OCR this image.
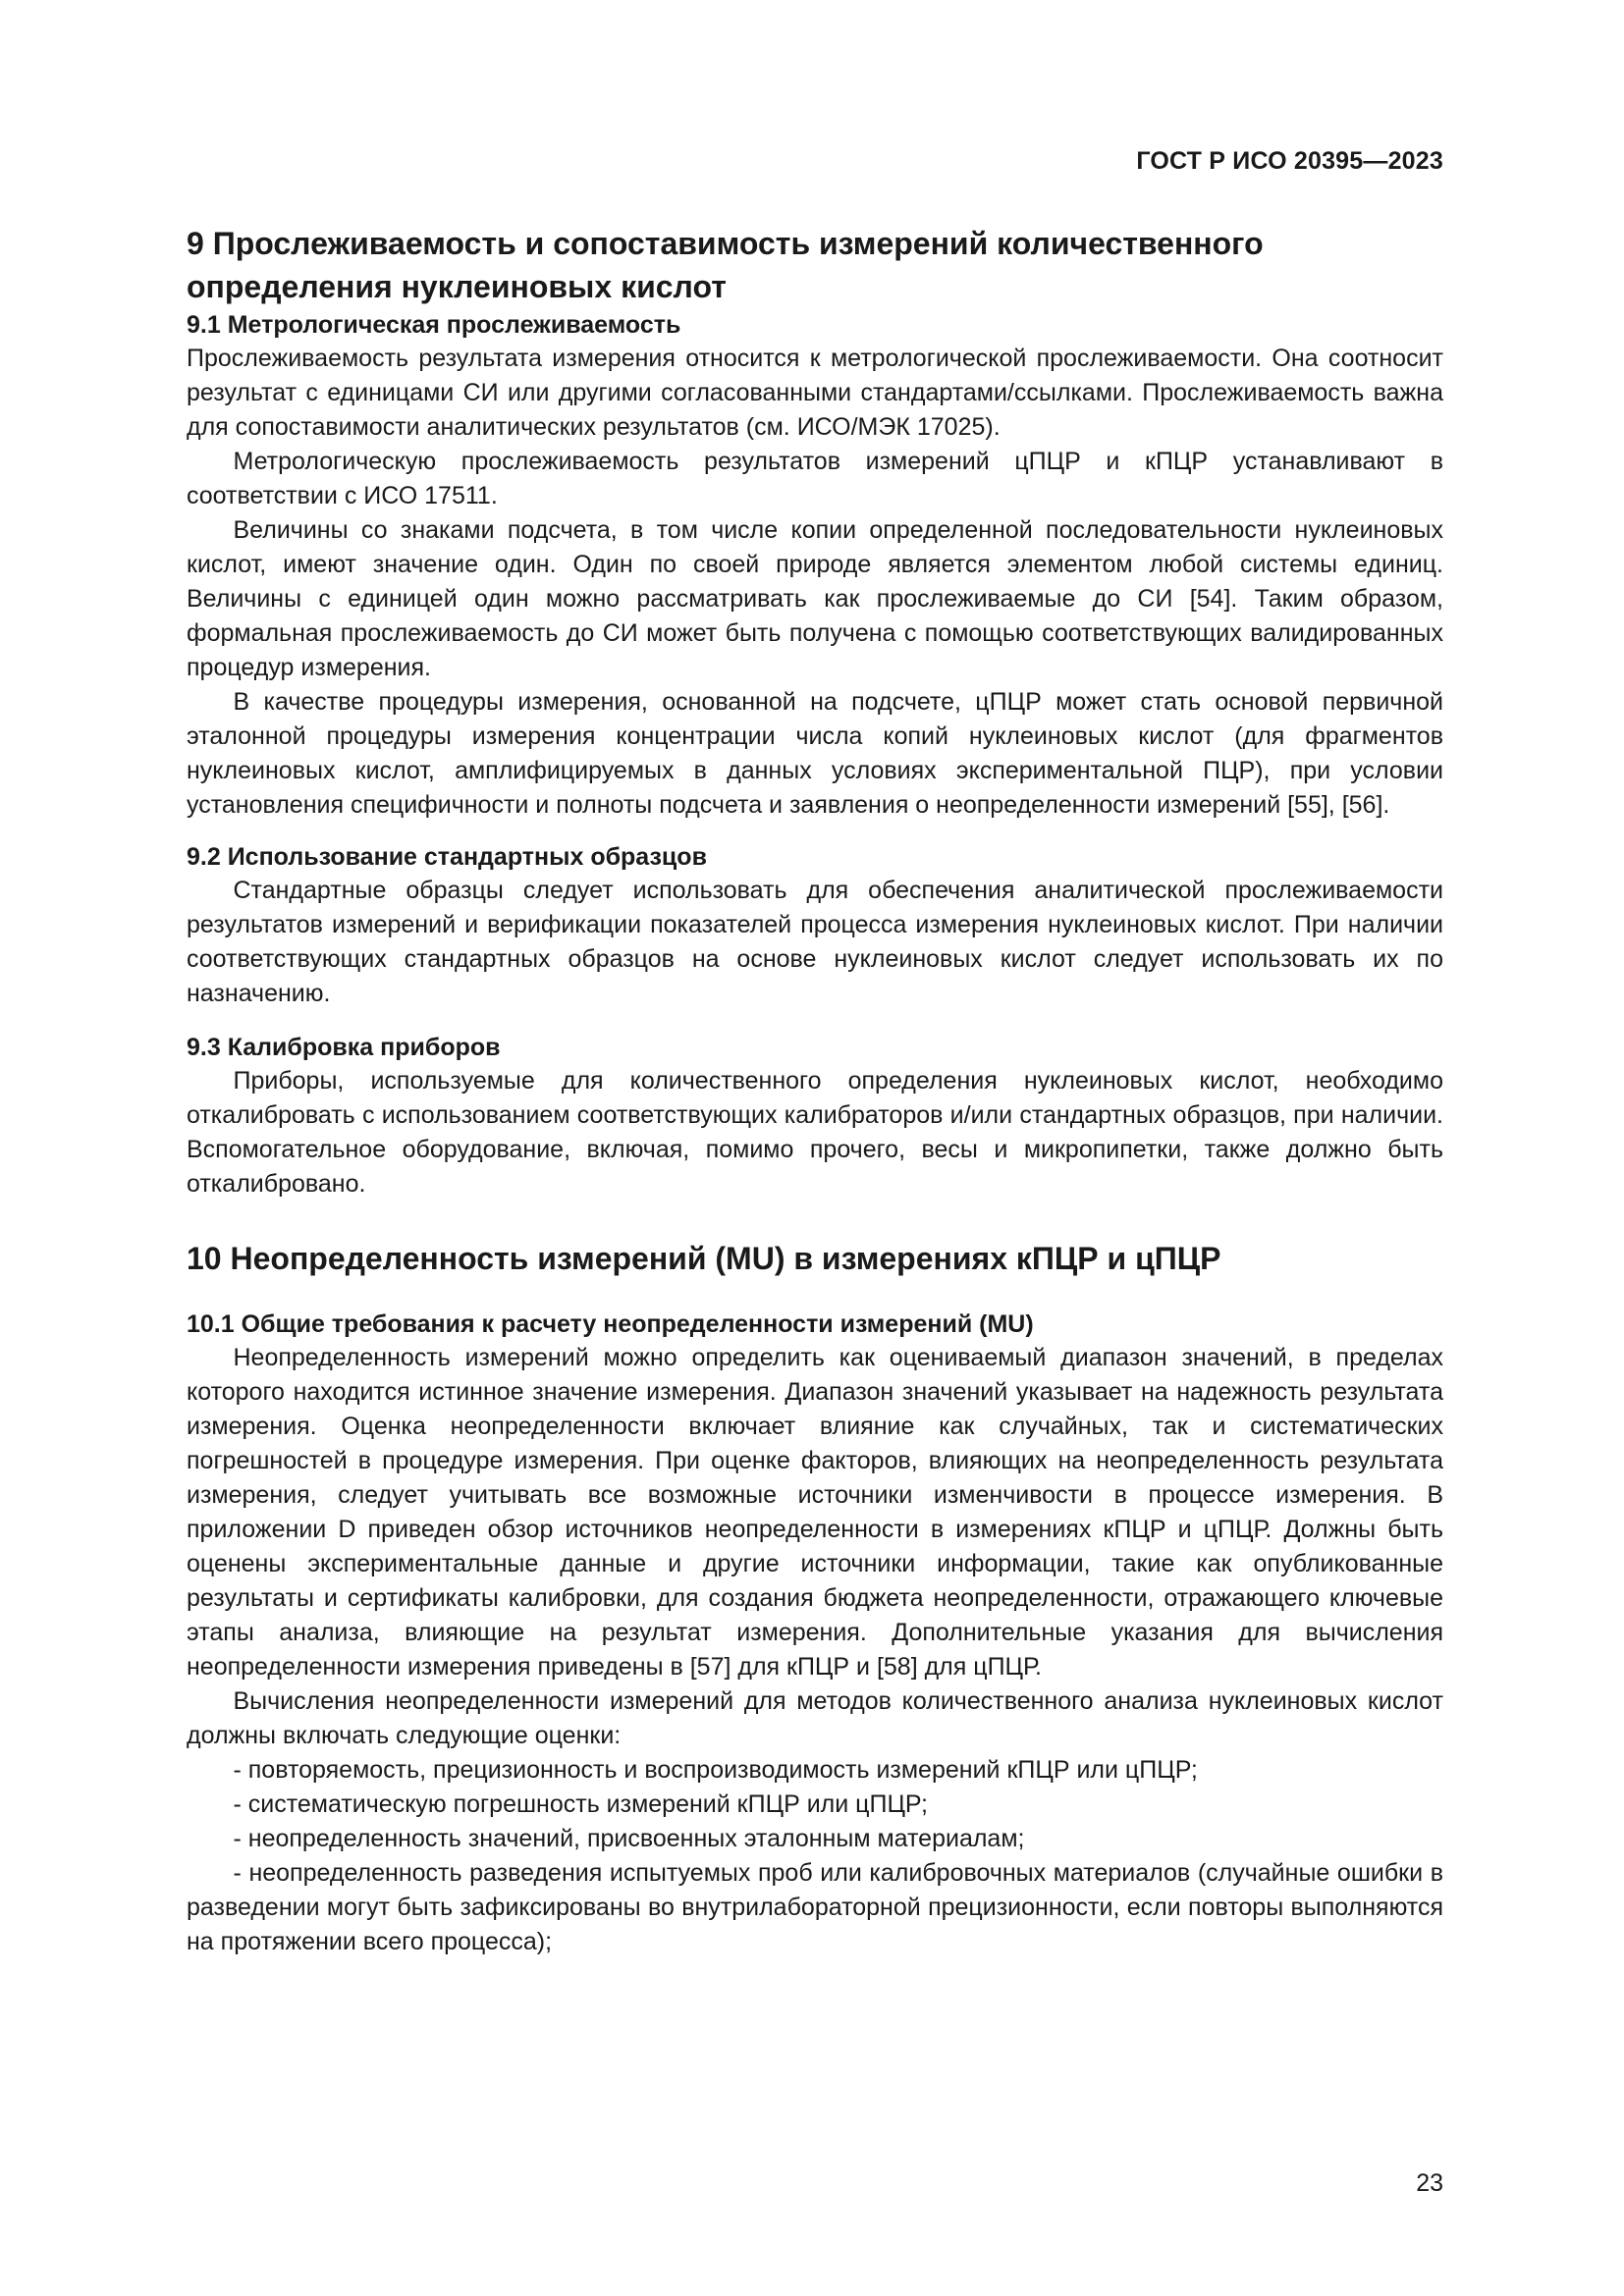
ГОСТ Р ИСО 20395—2023
9 Прослеживаемость и сопоставимость измерений количественного определения нуклеиновых кислот
9.1 Метрологическая прослеживаемость

Прослеживаемость результата измерения относится к метрологической прослеживаемости. Она соотносит результат с единицами СИ или другими согласованными стандартами/ссылками. Прослеживаемость важна для сопоставимости аналитических результатов (см. ИСО/МЭК 17025).

Метрологическую прослеживаемость результатов измерений цПЦР и кПЦР устанавливают в соответствии с ИСО 17511.

Величины со знаками подсчета, в том числе копии определенной последовательности нуклеиновых кислот, имеют значение один. Один по своей природе является элементом любой системы единиц. Величины с единицей один можно рассматривать как прослеживаемые до СИ [54]. Таким образом, формальная прослеживаемость до СИ может быть получена с помощью соответствующих валидированных процедур измерения.

В качестве процедуры измерения, основанной на подсчете, цПЦР может стать основой первичной эталонной процедуры измерения концентрации числа копий нуклеиновых кислот (для фрагментов нуклеиновых кислот, амплифицируемых в данных условиях экспериментальной ПЦР), при условии установления специфичности и полноты подсчета и заявления о неопределенности измерений [55], [56].

9.2 Использование стандартных образцов

Стандартные образцы следует использовать для обеспечения аналитической прослеживаемости результатов измерений и верификации показателей процесса измерения нуклеиновых кислот. При наличии соответствующих стандартных образцов на основе нуклеиновых кислот следует использовать их по назначению.

9.3 Калибровка приборов

Приборы, используемые для количественного определения нуклеиновых кислот, необходимо откалибровать с использованием соответствующих калибраторов и/или стандартных образцов, при наличии. Вспомогательное оборудование, включая, помимо прочего, весы и микропипетки, также должно быть откалибровано.

10 Неопределенность измерений (MU) в измерениях кПЦР и цПЦР
10.1 Общие требования к расчету неопределенности измерений (MU)

Неопределенность измерений можно определить как оцениваемый диапазон значений, в пределах которого находится истинное значение измерения. Диапазон значений указывает на надежность результата измерения. Оценка неопределенности включает влияние как случайных, так и систематических погрешностей в процедуре измерения. При оценке факторов, влияющих на неопределенность результата измерения, следует учитывать все возможные источники изменчивости в процессе измерения. В приложении D приведен обзор источников неопределенности в измерениях кПЦР и цПЦР. Должны быть оценены экспериментальные данные и другие источники информации, такие как опубликованные результаты и сертификаты калибровки, для создания бюджета неопределенности, отражающего ключевые этапы анализа, влияющие на результат измерения. Дополнительные указания для вычисления неопределенности измерения приведены в [57] для кПЦР и [58] для цПЦР.

Вычисления неопределенности измерений для методов количественного анализа нуклеиновых кислот должны включать следующие оценки:

- повторяемость, прецизионность и воспроизводимость измерений кПЦР или цПЦР;

- систематическую погрешность измерений кПЦР или цПЦР;

- неопределенность значений, присвоенных эталонным материалам;

- неопределенность разведения испытуемых проб или калибровочных материалов (случайные ошибки в разведении могут быть зафиксированы во внутрилабораторной прецизионности, если повторы выполняются на протяжении всего процесса);

23
